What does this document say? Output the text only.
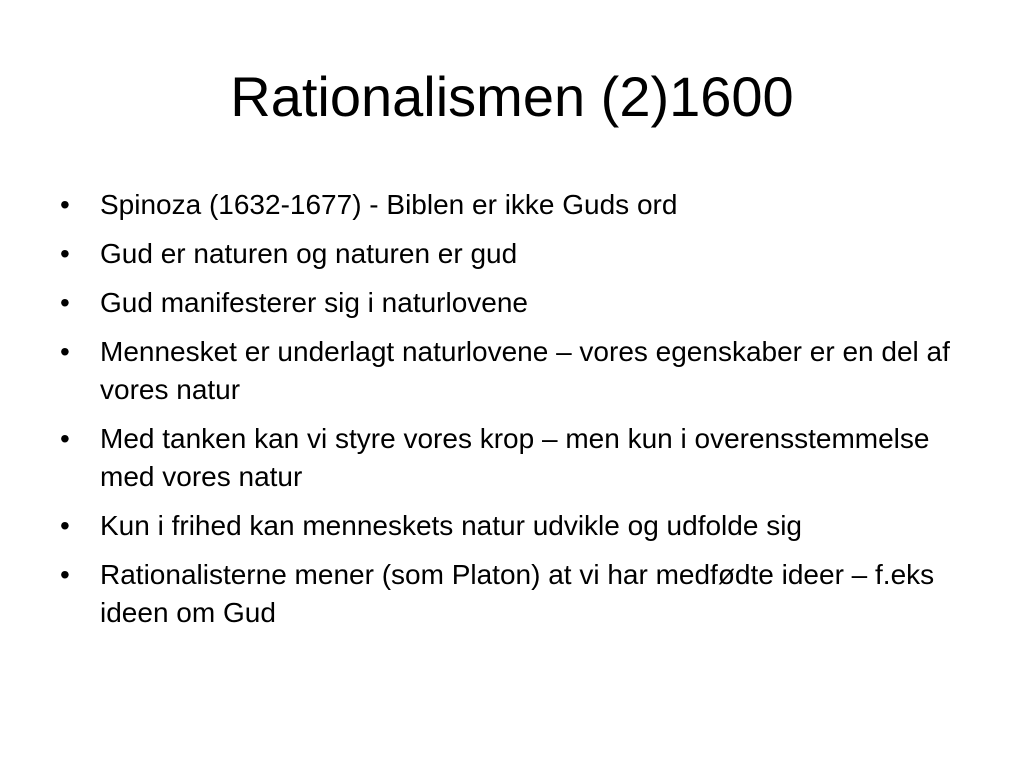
Rationalismen (2)1600
•	Spinoza (1632-1677) - Biblen er ikke Guds ord
•	Gud er naturen og naturen er gud
•	Gud manifesterer sig i naturlovene
•	Mennesket er underlagt naturlovene – vores egenskaber er en del af vores natur
•	Med tanken kan vi styre vores krop – men kun i overensstemmelse med vores natur
•	Kun i frihed kan menneskets natur udvikle og udfolde sig
•	Rationalisterne mener (som Platon) at vi har medfødte ideer – f.eks ideen om Gud
